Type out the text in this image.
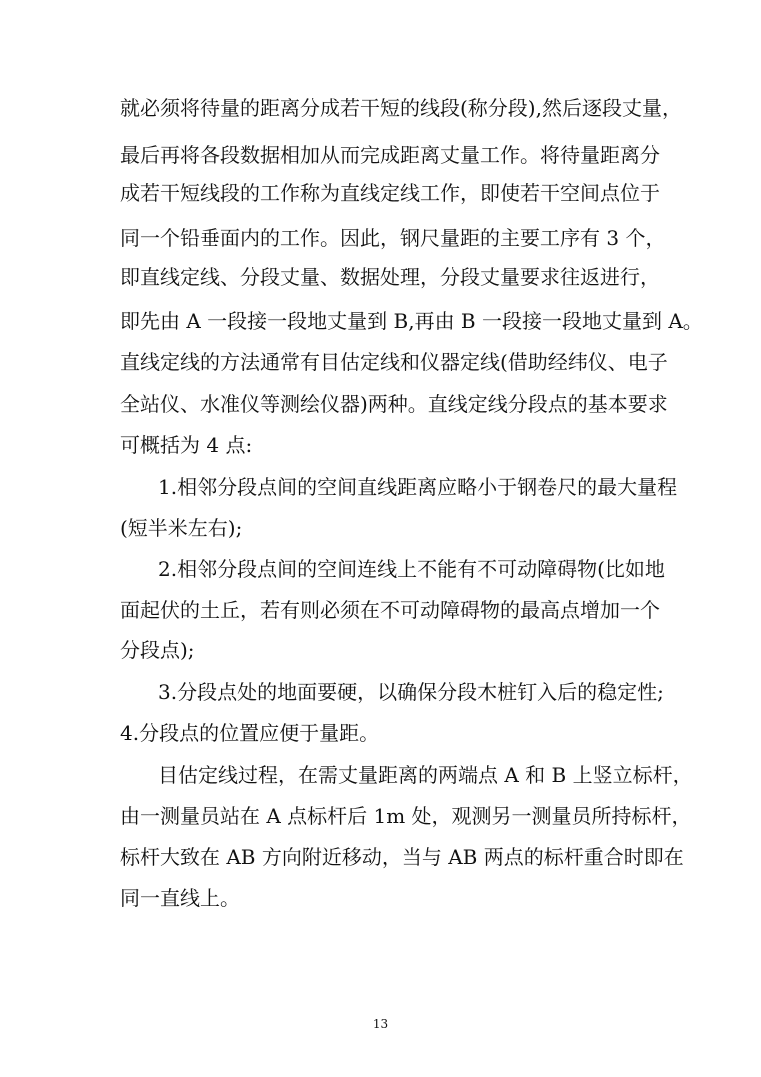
就必须将待量的距离分成若干短的线段(称分段),然后逐段丈量，
最后再将各段数据相加从而完成距离丈量工作。将待量距离分
成若干短线段的工作称为直线定线工作，即使若干空间点位于
同一个铅垂面内的工作。因此，钢尺量距的主要工序有 3 个，
即直线定线、分段丈量、数据处理，分段丈量要求往返进行，
即先由 A 一段接一段地丈量到 B,再由 B 一段接一段地丈量到 A。
直线定线的方法通常有目估定线和仪器定线(借助经纬仪、电子
全站仪、水准仪等测绘仪器)两种。直线定线分段点的基本要求
可概括为 4 点:
1.相邻分段点间的空间直线距离应略小于钢卷尺的最大量程
(短半米左右);
2.相邻分段点间的空间连线上不能有不可动障碍物(比如地
面起伏的土丘，若有则必须在不可动障碍物的最高点增加一个
分段点);
3.分段点处的地面要硬，以确保分段木桩钉入后的稳定性;
4.分段点的位置应便于量距。
目估定线过程，在需丈量距离的两端点 A 和 B 上竖立标杆，
由一测量员站在 A 点标杆后 1m 处，观测另一测量员所持标杆，
标杆大致在 AB 方向附近移动，当与 AB 两点的标杆重合时即在
同一直线上。
13
